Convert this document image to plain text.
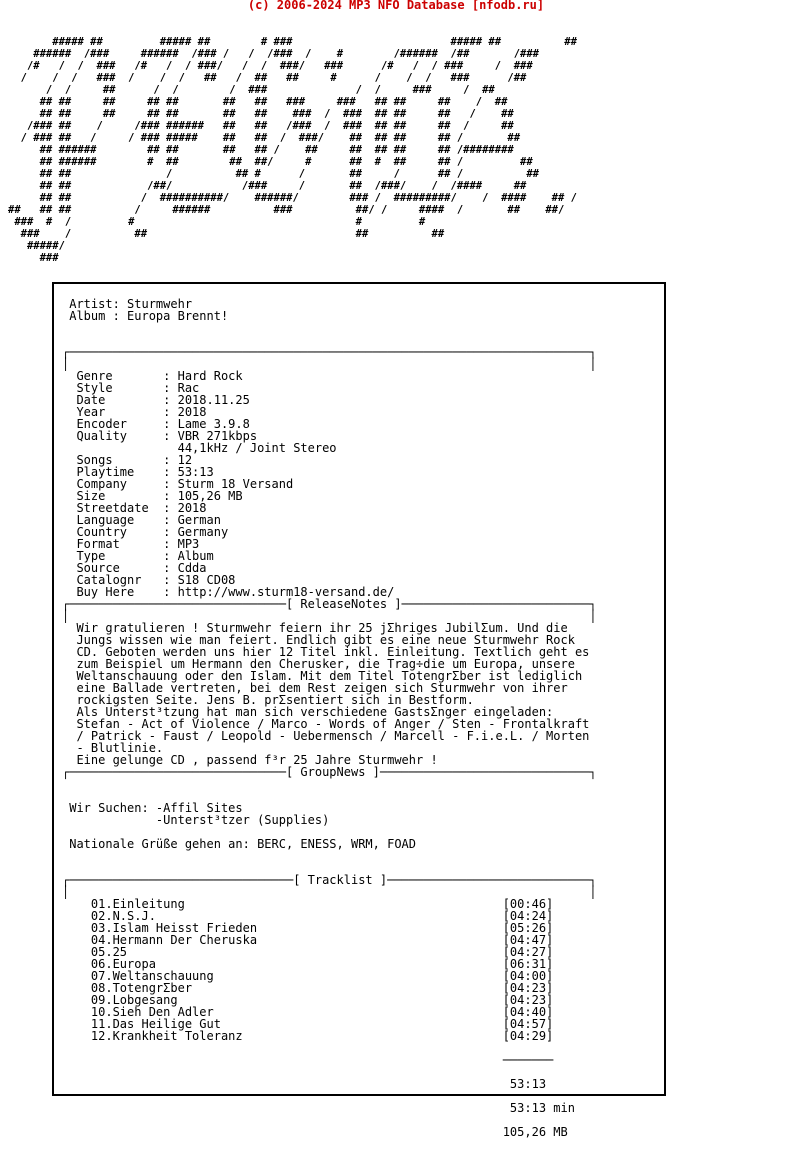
(c) 2006-2024 MP3 NFO Database [nfodb.ru]
##### ##         ##### ##        # ###                         ##### ##          ##
######  /###     ######  /### /   /  /###  /    #        /######  /##       /###
/#   /  /  ###   /#   /  / ###/   /  /  ###/   ###      /#   /  / ###     /  ###
/    /  /   ###  /    /  /   ##   /  ##   ##     #      /    /  /   ###      /##
/  /     ##      /  /        /  ###              /  /     ###     /  ##
## ##     ##     ## ##       ##   ##   ###     ###   ## ##     ##    /  ##
## ##     ##     ## ##       ##   ##    ###  /  ###  ## ##     ##   /    ##
/### ##    /     /### ######   ##   ##   /###  /  ###  ## ##     ##  /     ##
/ ### ##   /     / ### #####    ##   ##  /  ###/    ##  ## ##     ## /       ##
## ######        ## ##       ##   ## /    ##     ##  ## ##     ## /########
## ######        #  ##        ##  ##/     #      ##  #  ##     ## /         ##
## ##               /          ## #      /       ##     /      ## /          ##
## ##            /##/           /###     /       ##  /###/    /  /####     ##
## ##           /  ##########/    ######/        ### /  #########/    /  ####    ## /
##   ## ##          /     ######          ###          ##/ /     ####  /       ##    ##/
###  #  /         #                                   #         #
###    /          ##                                 ##          ##
#####/
###
Artist: Sturmwehr
Album : Europa Brennt!

┌────────────────────────────────────────────────────────────────────────┐
│                                                                        │
Genre       : Hard Rock
Style       : Rac
Date        : 2018.11.25
Year        : 2018
Encoder     : Lame 3.9.8
Quality     : VBR 271kbps
44,1kHz / Joint Stereo
Songs       : 12
Playtime    : 53:13
Company     : Sturm 18 Versand
Size        : 105,26 MB
Streetdate  : 2018
Language    : German
Country     : Germany
Format      : MP3
Type        : Album
Source      : Cdda
Catalognr   : S18 CD08
Buy Here    : http://www.sturm18-versand.de/
┌──────────────────────────────[ ReleaseNotes ]──────────────────────────┐
│                                                                        │
Wir gratulieren ! Sturmwehr feiern ihr 25 jΣhriges JubilΣum. Und die
Jungs wissen wie man feiert. Endlich gibt es eine neue Sturmwehr Rock
CD. Geboten werden uns hier 12 Titel inkl. Einleitung. Textlich geht es
zum Beispiel um Hermann den Cherusker, die Trag÷die um Europa, unsere
Weltanschauung oder den Islam. Mit dem Titel TotengrΣber ist lediglich
eine Ballade vertreten, bei dem Rest zeigen sich Sturmwehr von ihrer
rockigsten Seite. Jens B. prΣsentiert sich in Bestform.
Als Unterst³tzung hat man sich verschiedene GastsΣnger eingeladen:
Stefan - Act of Violence / Marco - Words of Anger / Sten - Frontalkraft
/ Patrick - Faust / Leopold - Uebermensch / Marcell - F.i.e.L. / Morten
- Blutlinie.
Eine gelunge CD , passend f³r 25 Jahre Sturmwehr !
┌──────────────────────────────[ GroupNews ]─────────────────────────────┐

Wir Suchen: -Affil Sites
-Unterst³tzer (Supplies)

Nationale Grüße gehen an: BERC, ENESS, WRM, FOAD

┌───────────────────────────────[ Tracklist ]────────────────────────────┐
│                                                                        │
01.Einleitung                                            [00:46]
02.N.S.J.                                                [04:24]
03.Islam Heisst Frieden                                  [05:26]
04.Hermann Der Cheruska                                  [04:47]
05.25                                                    [04:27]
06.Europa                                                [06:31]
07.Weltanschauung                                        [04:00]
08.TotengrΣber                                           [04:23]
09.Lobgesang                                             [04:23]
10.Sieh Den Adler                                        [04:40]
11.Das Heilige Gut                                       [04:57]
12.Krankheit Toleranz                                    [04:29]

───────

53:13

53:13 min

105,26 MB
